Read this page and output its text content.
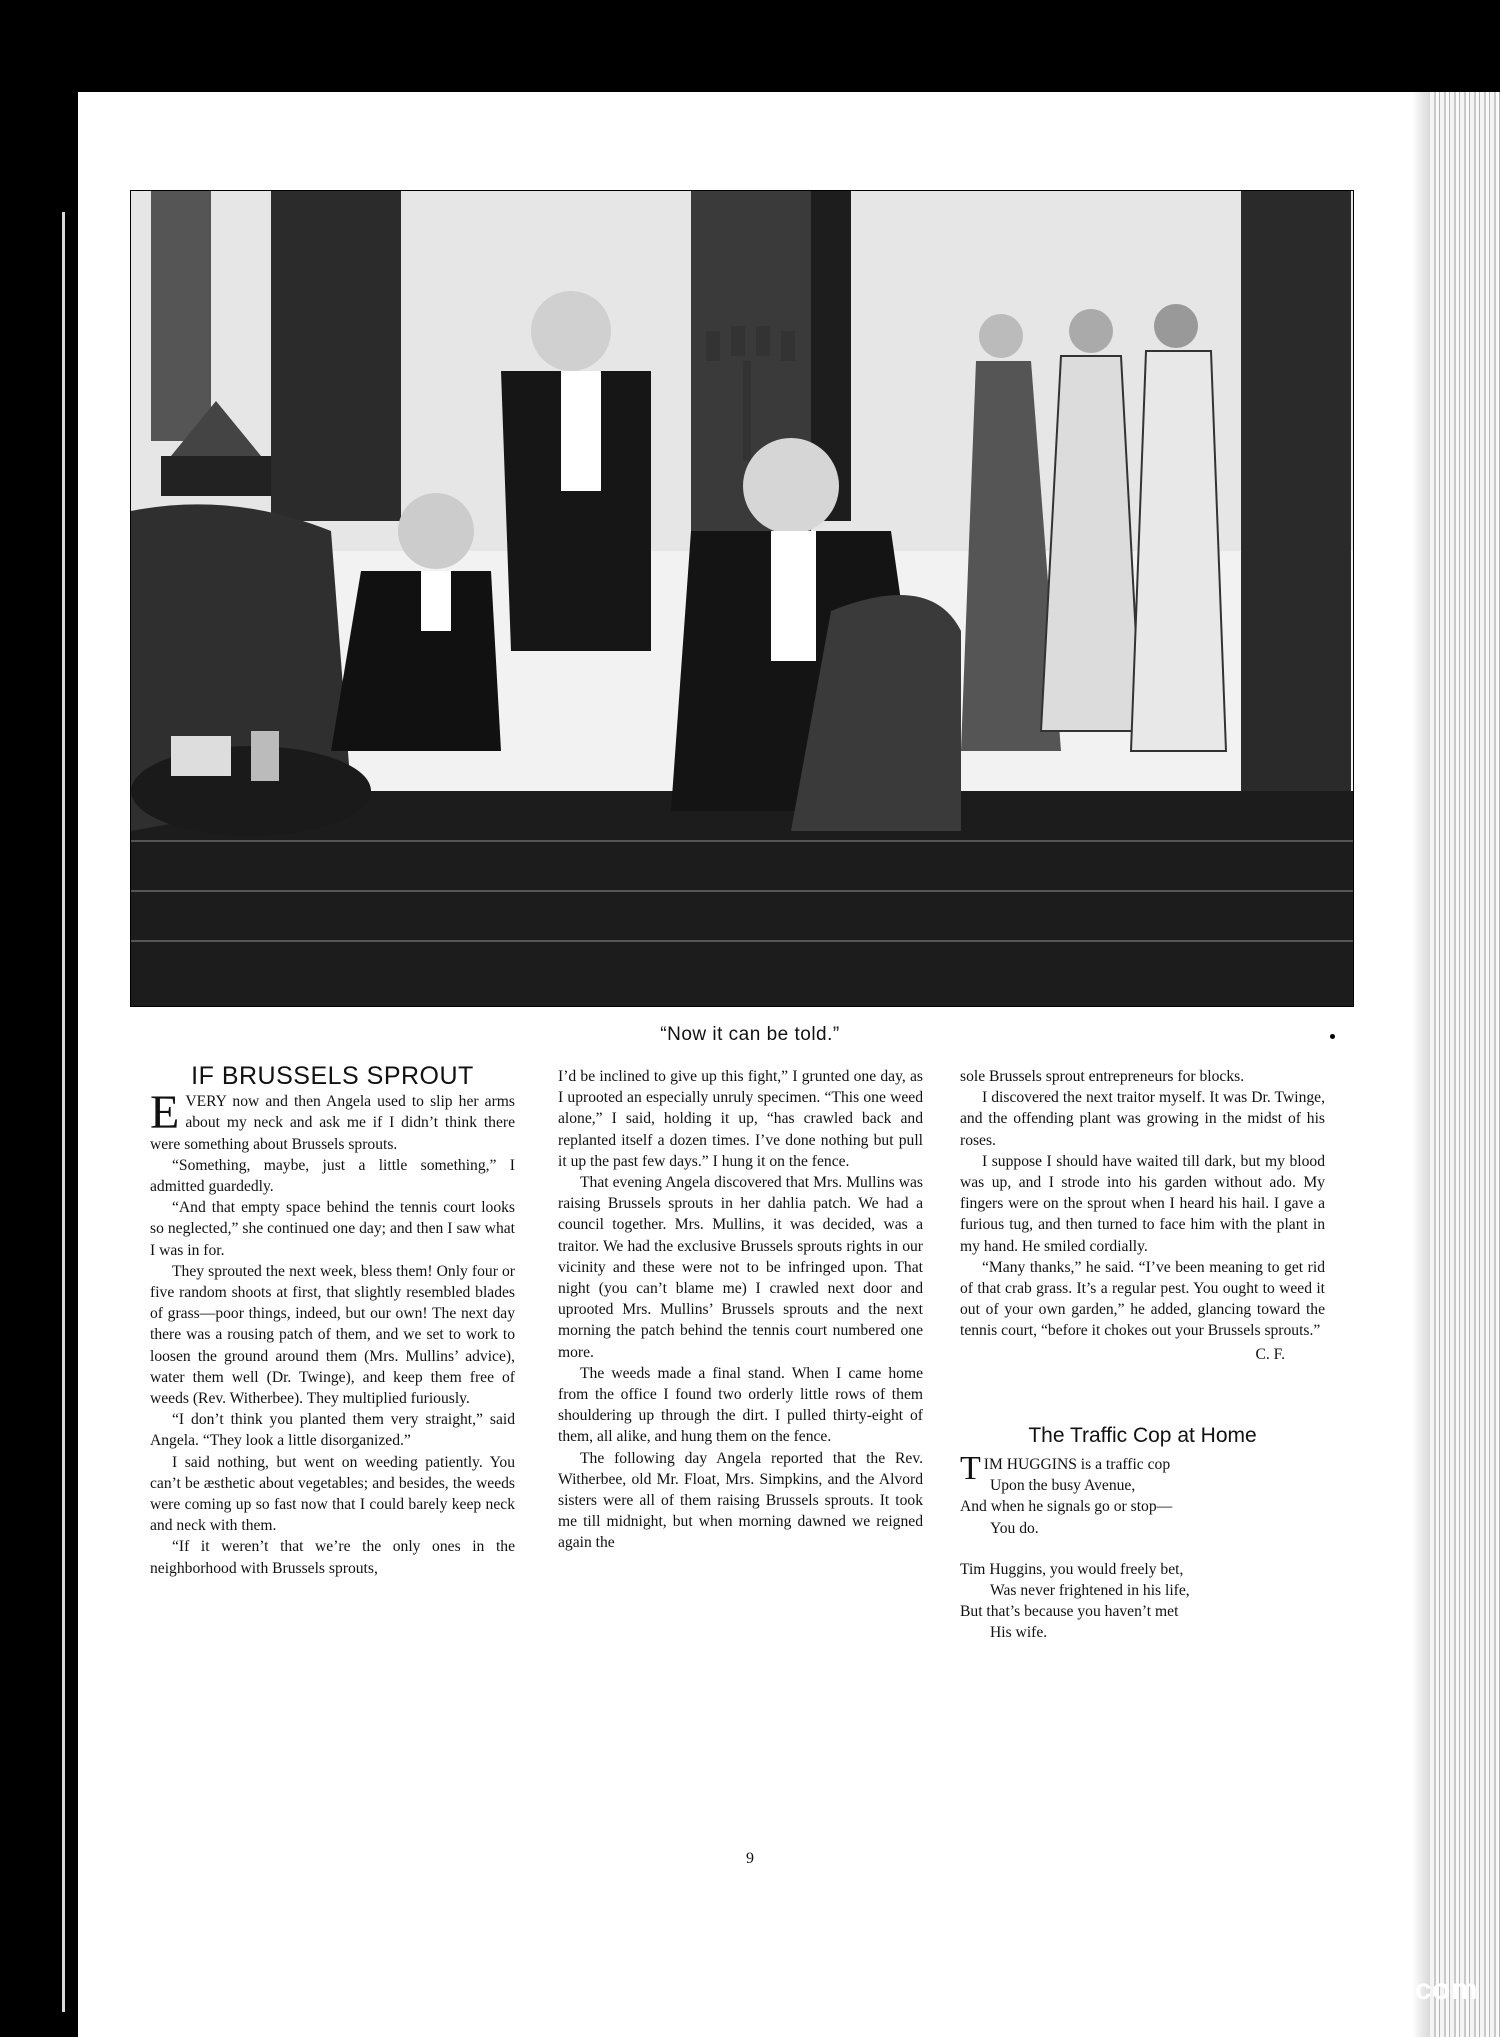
“Now it can be told.”
IF BRUSSELS SPROUT

EVERY now and then Angela used to slip her arms about my neck and ask me if I didn’t think there were something about Brussels sprouts.

“Something, maybe, just a little something,” I admitted guardedly.

“And that empty space behind the tennis court looks so neglected,” she continued one day; and then I saw what I was in for.

They sprouted the next week, bless them! Only four or five random shoots at first, that slightly resembled blades of grass—poor things, indeed, but our own! The next day there was a rousing patch of them, and we set to work to loosen the ground around them (Mrs. Mullins’ advice), water them well (Dr. Twinge), and keep them free of weeds (Rev. Witherbee). They multiplied furiously.

“I don’t think you planted them very straight,” said Angela. “They look a little disorganized.”

I said nothing, but went on weeding patiently. You can’t be æsthetic about vegetables; and besides, the weeds were coming up so fast now that I could barely keep neck and neck with them.

“If it weren’t that we’re the only ones in the neighborhood with Brussels sprouts,

I’d be inclined to give up this fight,” I grunted one day, as I uprooted an especially unruly specimen. “This one weed alone,” I said, holding it up, “has crawled back and replanted itself a dozen times. I’ve done nothing but pull it up the past few days.” I hung it on the fence.

That evening Angela discovered that Mrs. Mullins was raising Brussels sprouts in her dahlia patch. We had a council together. Mrs. Mullins, it was decided, was a traitor. We had the exclusive Brussels sprouts rights in our vicinity and these were not to be infringed upon. That night (you can’t blame me) I crawled next door and uprooted Mrs. Mullins’ Brussels sprouts and the next morning the patch behind the tennis court numbered one more.

The weeds made a final stand. When I came home from the office I found two orderly little rows of them shouldering up through the dirt. I pulled thirty-eight of them, all alike, and hung them on the fence.

The following day Angela reported that the Rev. Witherbee, old Mr. Float, Mrs. Simpkins, and the Alvord sisters were all of them raising Brussels sprouts. It took me till midnight, but when morning dawned we reigned again the

sole Brussels sprout entrepreneurs for blocks.

I discovered the next traitor myself. It was Dr. Twinge, and the offending plant was growing in the midst of his roses.

I suppose I should have waited till dark, but my blood was up, and I strode into his garden without ado. My fingers were on the sprout when I heard his hail. I gave a furious tug, and then turned to face him with the plant in my hand. He smiled cordially.

“Many thanks,” he said. “I’ve been meaning to get rid of that crab grass. It’s a regular pest. You ought to weed it out of your own garden,” he added, glancing toward the tennis court, “before it chokes out your Brussels sprouts.”

C. F.
The Traffic Cop at Home
TIM HUGGINS is a traffic cop
Upon the busy Avenue,
And when he signals go or stop—
You do.
Tim Huggins, you would freely bet,
Was never frightened in his life,
But that’s because you haven’t met
His wife.
9
comicbooks.com
